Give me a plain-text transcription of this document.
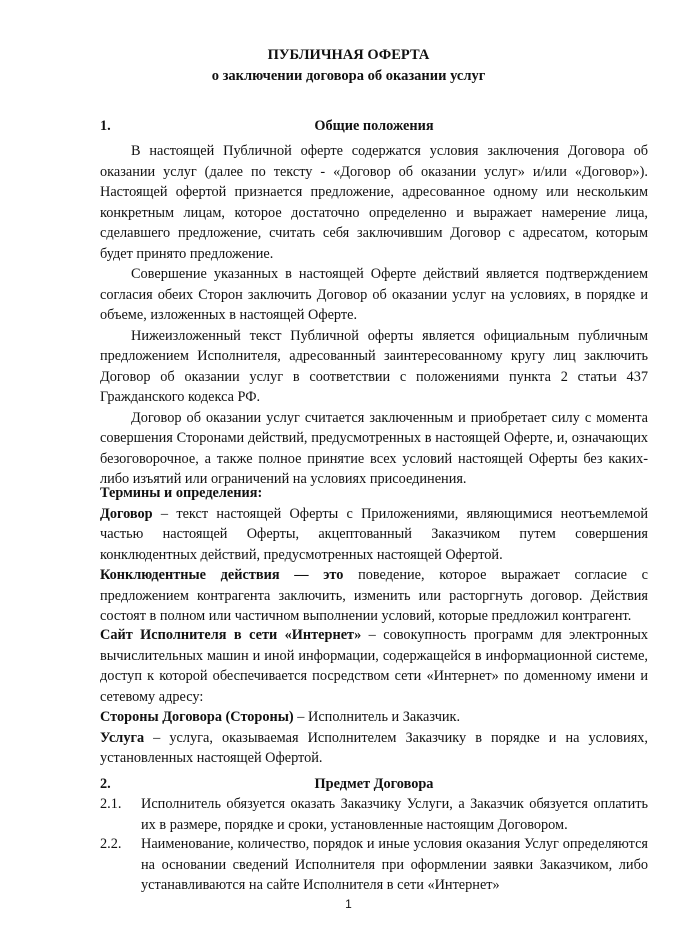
ПУБЛИЧНАЯ ОФЕРТА
о заключении договора об оказании услуг
1.	Общие положения

В настоящей Публичной оферте содержатся условия заключения Договора об оказании услуг (далее по тексту - «Договор об оказании услуг» и/или «Договор»). Настоящей офертой признается предложение, адресованное одному или нескольким конкретным лицам, которое достаточно определенно и выражает намерение лица, сделавшего предложение, считать себя заключившим Договор с адресатом, которым будет принято предложение.

Совершение указанных в настоящей Оферте действий является подтверждением согласия обеих Сторон заключить Договор об оказании услуг на условиях, в порядке и объеме, изложенных в настоящей Оферте.

Нижеизложенный текст Публичной оферты является официальным публичным предложением Исполнителя, адресованный заинтересованному кругу лиц заключить Договор об оказании услуг в соответствии с положениями пункта 2 статьи 437 Гражданского кодекса РФ.

Договор об оказании услуг считается заключенным и приобретает силу с момента совершения Сторонами действий, предусмотренных в настоящей Оферте, и, означающих безоговорочное, а также полное принятие всех условий настоящей Оферты без каких-либо изъятий или ограничений на условиях присоединения.

Термины и определения:

Договор – текст настоящей Оферты с Приложениями, являющимися неотъемлемой частью настоящей Оферты, акцептованный Заказчиком путем совершения конклюдентных действий, предусмотренных настоящей Офертой.

Конклюдентные действия — это поведение, которое выражает согласие с предложением контрагента заключить, изменить или расторгнуть договор. Действия состоят в полном или частичном выполнении условий, которые предложил контрагент.

Сайт Исполнителя в сети «Интернет» – совокупность программ для электронных вычислительных машин и иной информации, содержащейся в информационной системе, доступ к которой обеспечивается посредством сети «Интернет» по доменному имени и сетевому адресу:

Стороны Договора (Стороны) – Исполнитель и Заказчик.

Услуга – услуга, оказываемая Исполнителем Заказчику в порядке и на условиях, установленных настоящей Офертой.

2.	Предмет Договора
2.1. Исполнитель обязуется оказать Заказчику Услуги, а Заказчик обязуется оплатить их в размере, порядке и сроки, установленные настоящим Договором.
2.2. Наименование, количество, порядок и иные условия оказания Услуг определяются на основании сведений Исполнителя при оформлении заявки Заказчиком, либо устанавливаются на сайте Исполнителя в сети «Интернет»
1
